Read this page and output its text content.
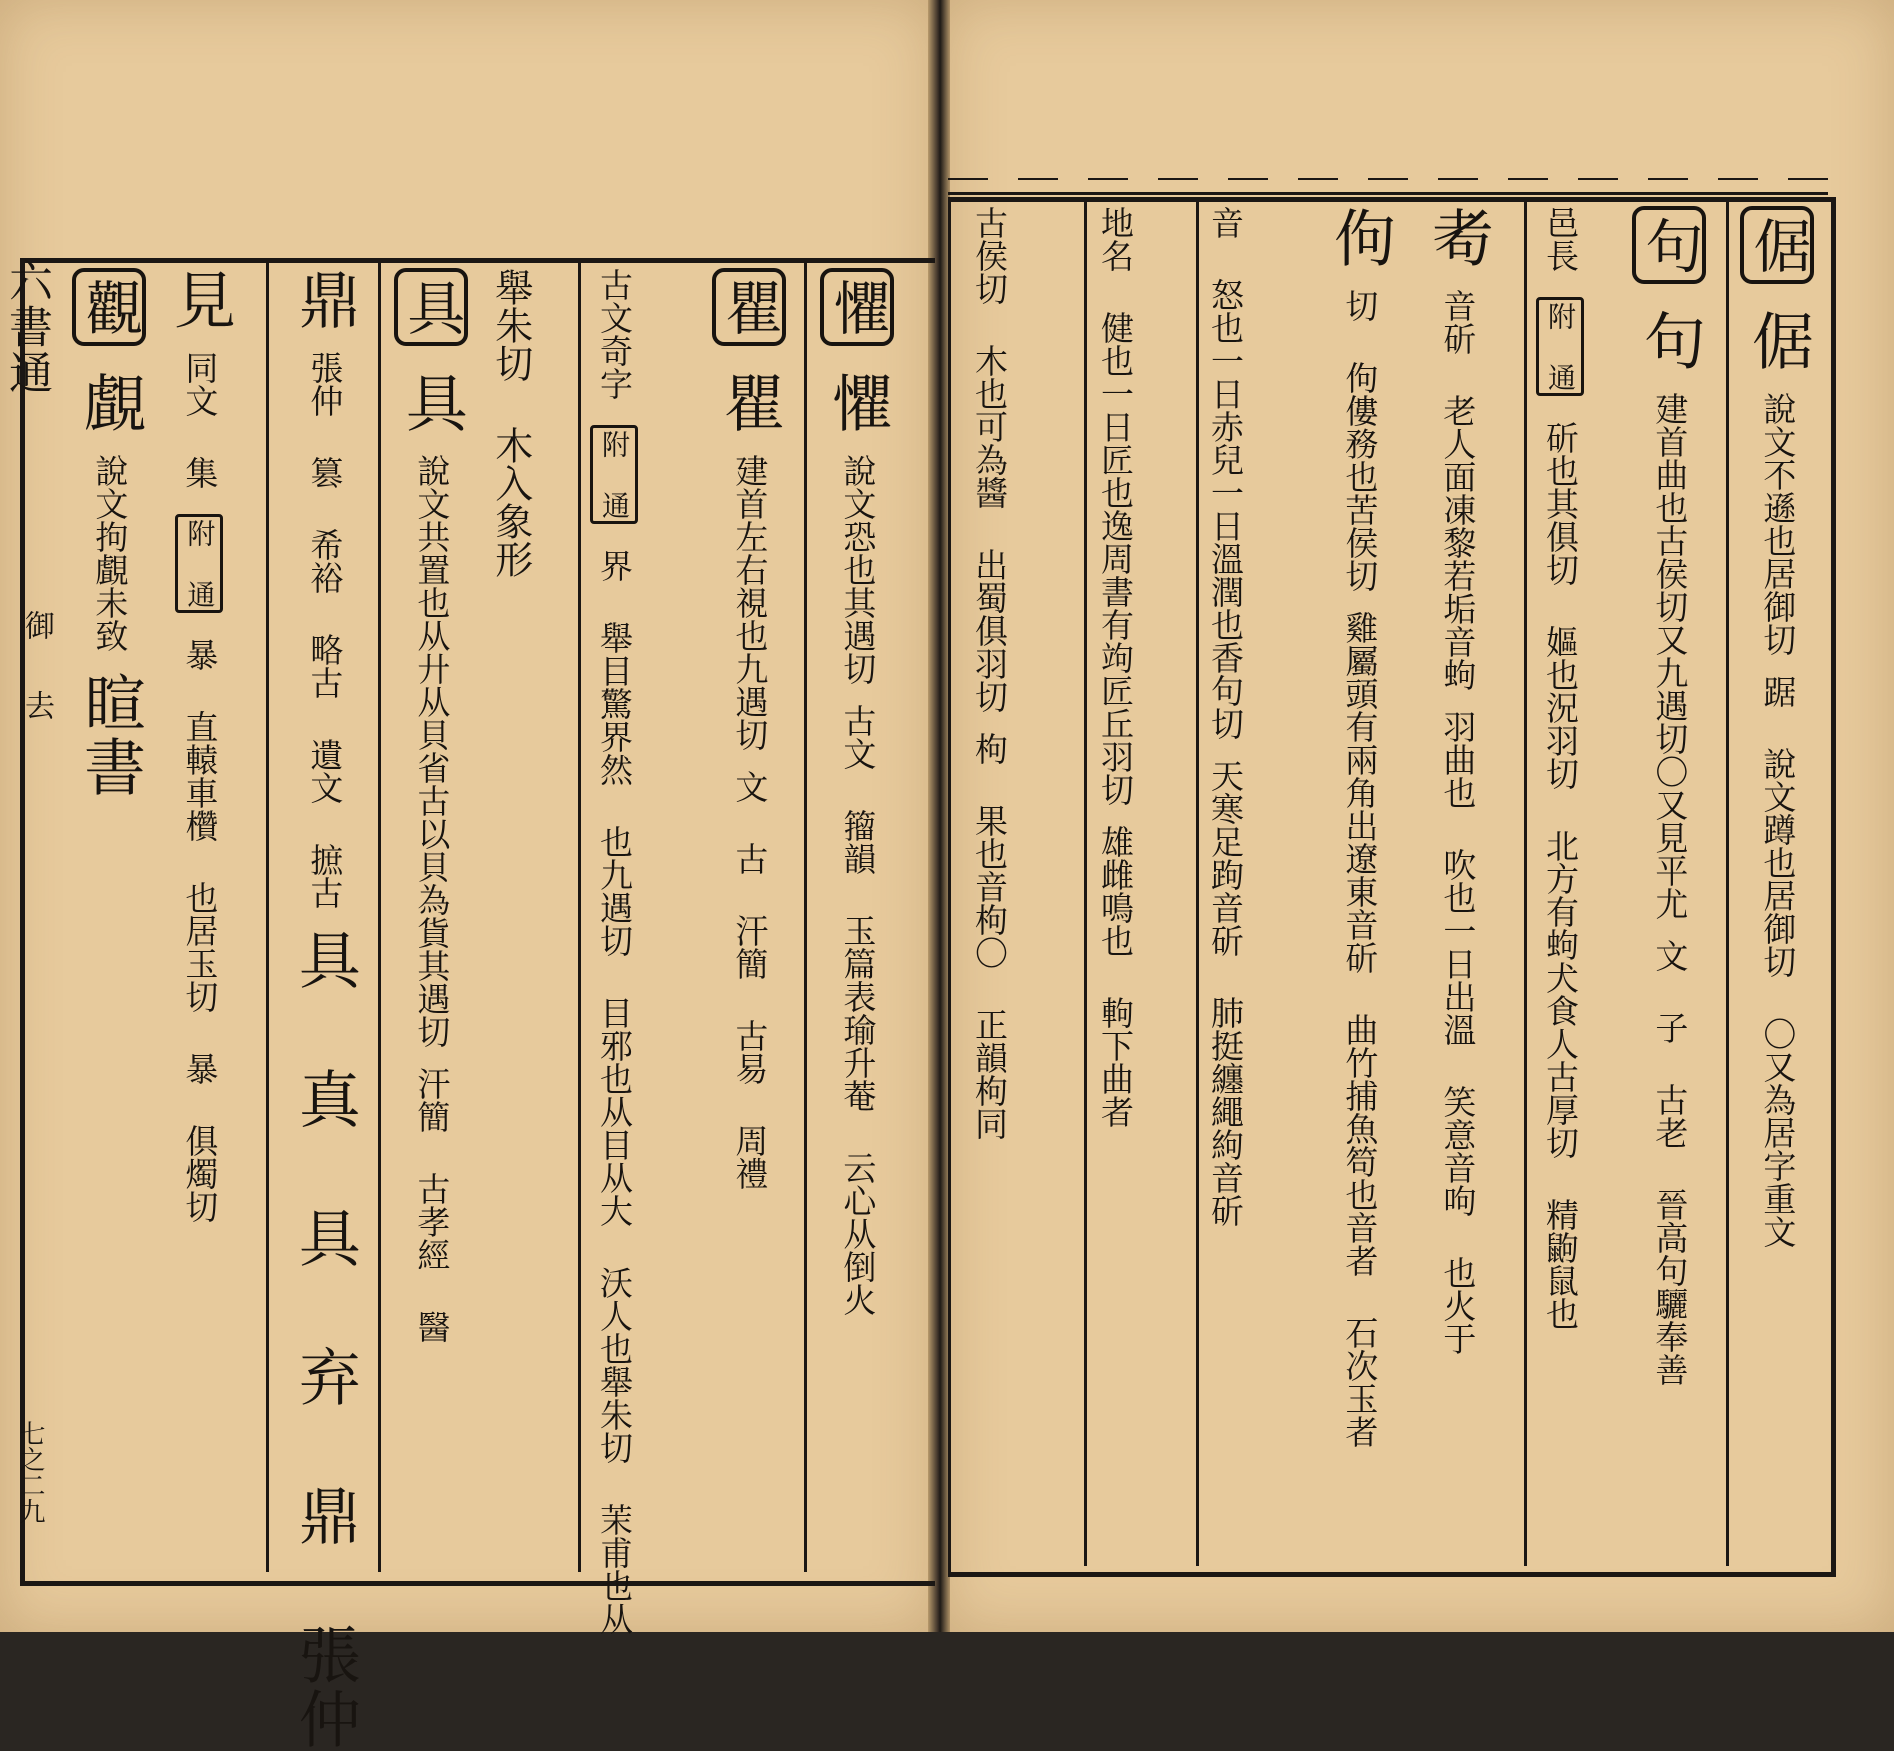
六書通
御
去
七之二九
觀 覰 說文拘覰未致 睻書
見 同文 集 附 通 暴 直轅車欑 也居玉切 暴 俱燭切
鼎 張仲 篡 希裕 略古 遺文 摭古 具 真 具 弃 鼎 張仲
具 具 說文共置也从廾从貝省古以貝為貨其遇切 汗簡 古孝經 醫
舉朱切 木入象形 古文奇字 附 通 界 舉目驚界然 也九遇切 目邪也从目从大 沃人也舉朱切 茉甫也从
瞿 瞿 建首左右視也九遇切 文 古 汗簡 古易 周禮
懼 懼 說文恐也其遇切 古文 籀韻 玉篇表瑜升菴 云心从倒火
古侯切 木也可為醬 出蜀俱羽切 枸 果也音枸〇 正韻枸同
地名 健也一日匠也逸周書有竘匠丘羽切 雄雌鳴也 軥下曲者
音 怒也一日赤兒一日溫潤也香句切 天寒足跔音斫 肺挺纏繩絇音斫
佝 切 佝僂務也苦侯切 雞屬頭有兩角出遼東音斫 曲竹捕魚笱也音者 石次玉者
耇 音斫 老人面凍黎若垢音蚼 羽曲也 吹也一日出溫 笑意音呴 也火于
邑長 附 通 斫也其俱切 嫗也況羽切 北方有蚼犬食人古厚切 精鼩鼠也
句 句 建首曲也古侯切又九遇切〇又見平尤 文 子 古老 晉高句驪奉善
倨 倨 說文不遜也居御切 踞 說文蹲也居御切 〇又為居字重文
